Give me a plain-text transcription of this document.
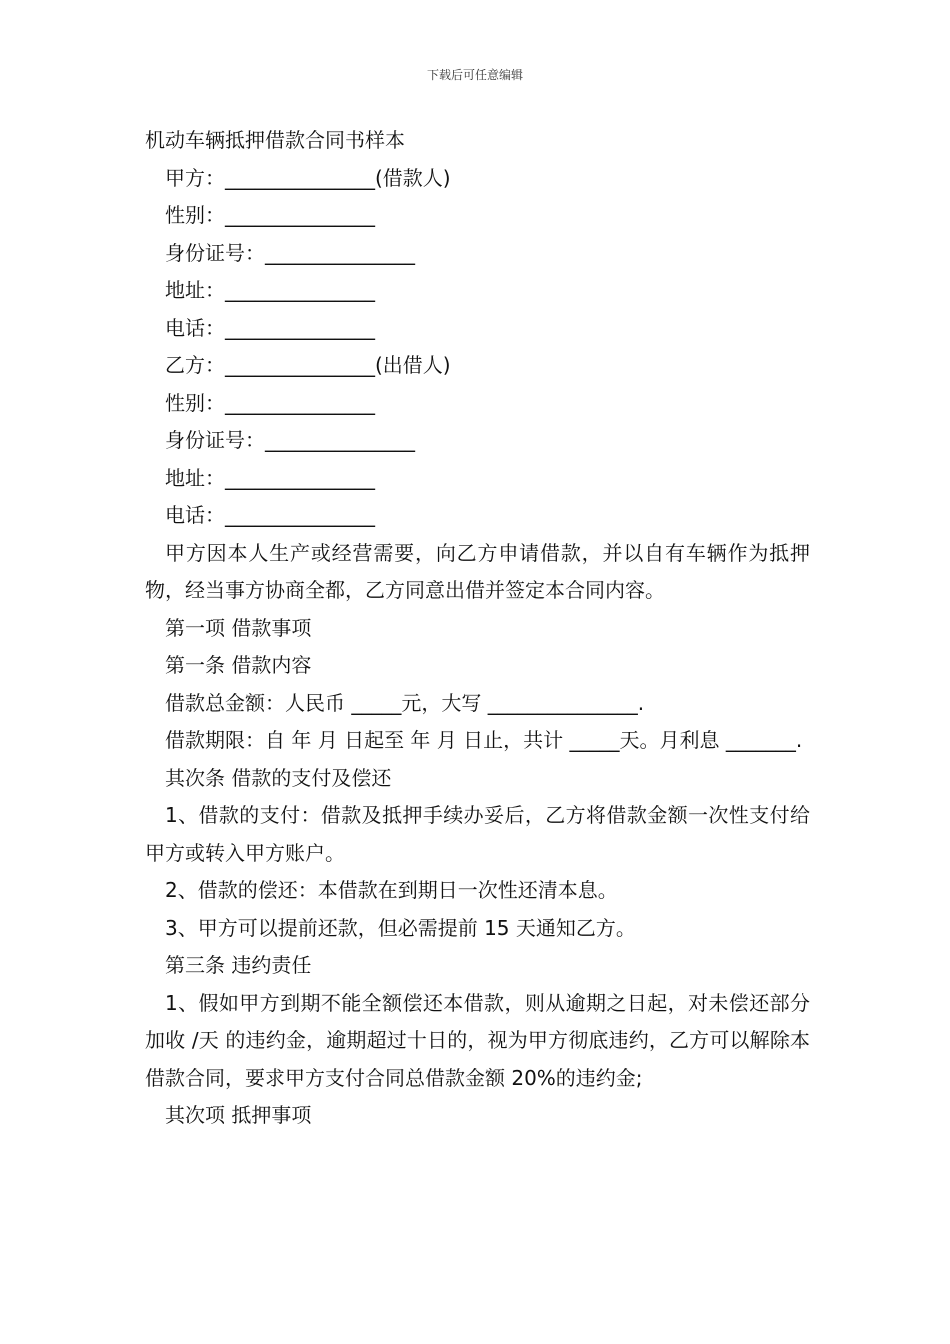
下载后可任意编辑
机动车辆抵押借款合同书样本

甲方：_______________(借款人)

性别：_______________

身份证号：_______________

地址：_______________

电话：_______________

乙方：_______________(出借人)

性别：_______________

身份证号：_______________

地址：_______________

电话：_______________

甲方因本人生产或经营需要，向乙方申请借款，并以自有车辆作为抵押物，经当事方协商全都，乙方同意出借并签定本合同内容。

第一项 借款事项

第一条 借款内容

借款总金额：人民币 _____元，大写 _______________.

借款期限：自 年 月 日起至 年 月 日止，共计 _____天。月利息 _______.

其次条 借款的支付及偿还

1、借款的支付：借款及抵押手续办妥后，乙方将借款金额一次性支付给甲方或转入甲方账户。

2、借款的偿还：本借款在到期日一次性还清本息。

3、甲方可以提前还款，但必需提前 15 天通知乙方。

第三条 违约责任

1、假如甲方到期不能全额偿还本借款，则从逾期之日起，对未偿还部分加收 /天 的违约金，逾期超过十日的，视为甲方彻底违约，乙方可以解除本借款合同，要求甲方支付合同总借款金额 20%的违约金;

其次项 抵押事项
